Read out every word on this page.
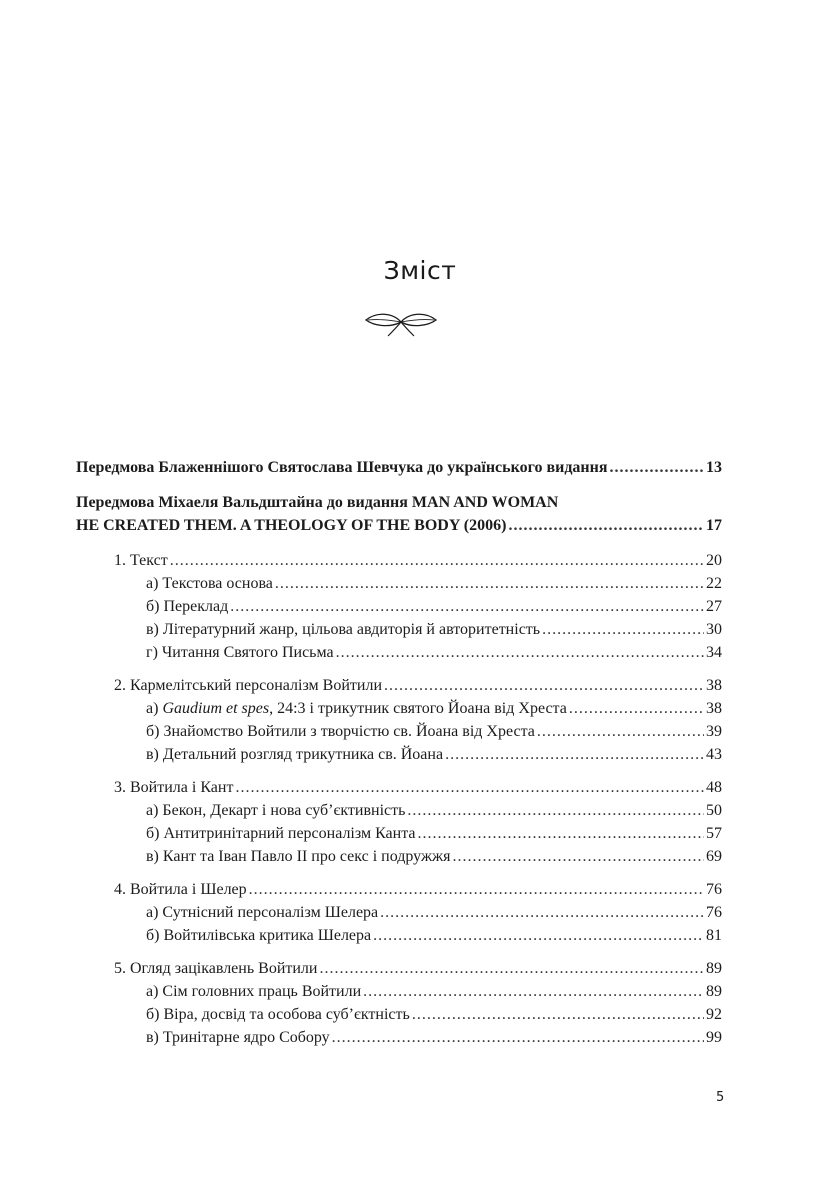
Зміст
Передмова Блаженнішого Святослава Шевчука до українського видання .....	13
Передмова Міхаеля Вальдштайна до видання MAN AND WOMAN
HE CREATED THEM. A THEOLOGY OF THE BODY (2006) .....	17
1. Текст .....	20
а) Текстова основа .....	22
б) Переклад .....	27
в) Літературний жанр, цільова авдиторія й авторитетність .....	30
г) Читання Святого Письма .....	34
2. Кармелітський персоналізм Войтили .....	38
а) Gaudium et spes, 24:3 і трикутник святого Йоана від Хреста .....	38
б) Знайомство Войтили з творчістю св. Йоана від Хреста .....	39
в) Детальний розгляд трикутника св. Йоана .....	43
3. Войтила і Кант .....	48
а) Бекон, Декарт і нова суб’єктивність .....	50
б) Антитринітарний персоналізм Канта .....	57
в) Кант та Іван Павло II про секс і подружжя .....	69
4. Войтила і Шелер .....	76
а) Сутнісний персоналізм Шелера .....	76
б) Войтилівська критика Шелера .....	81
5. Огляд зацікавлень Войтили .....	89
а) Сім головних праць Войтили .....	89
б) Віра, досвід та особова суб’єктність .....	92
в) Тринітарне ядро Собору .....	99
5
